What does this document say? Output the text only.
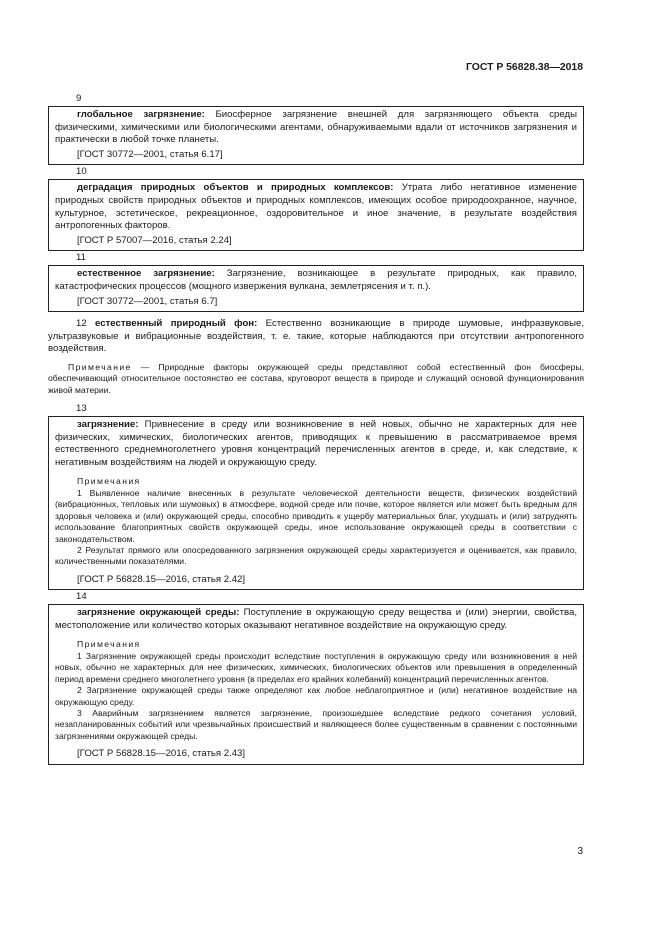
ГОСТ Р 56828.38—2018
9

глобальное загрязнение: Биосферное загрязнение внешней для загрязняющего объекта среды физическими, химическими или биологическими агентами, обнаруживаемыми вдали от источников загрязнения и практически в любой точке планеты.

[ГОСТ 30772—2001, статья 6.17]

10

деградация природных объектов и природных комплексов: Утрата либо негативное изменение природных свойств природных объектов и природных комплексов, имеющих особое природоохранное, научное, культурное, эстетическое, рекреационное, оздоровительное и иное значение, в результате воздействия антропогенных факторов.

[ГОСТ Р 57007—2016, статья 2.24]

11

естественное загрязнение: Загрязнение, возникающее в результате природных, как правило, катастрофических процессов (мощного извержения вулкана, землетрясения и т. п.).

[ГОСТ 30772—2001, статья 6.7]

12 естественный природный фон: Естественно возникающие в природе шумовые, инфразвуковые, ультразвуковые и вибрационные воздействия, т. е. такие, которые наблюдаются при отсутствии антропогенного воздействия.

Примечание — Природные факторы окружающей среды представляют собой естественный фон биосферы, обеспечивающий относительное постоянство ее состава, круговорот веществ в природе и служащий основой функционирования живой материи.

13

загрязнение: Привнесение в среду или возникновение в ней новых, обычно не характерных для нее физических, химических, биологических агентов, приводящих к превышению в рассматриваемое время естественного среднемноголетнего уровня концентраций перечисленных агентов в среде, и, как следствие, к негативным воздействиям на людей и окружающую среду.

Примечания

1 Выявленное наличие внесенных в результате человеческой деятельности веществ, физических воздействий (вибрационных, тепловых или шумовых) в атмосфере, водной среде или почве, которое является или может быть вредным для здоровья человека и (или) окружающей среды, способно приводить к ущербу материальных благ, ухудшать и (или) затруднять использование благоприятных свойств окружающей среды, иное использование окружающей среды в соответствии с законодательством.

2 Результат прямого или опосредованного загрязнения окружающей среды характеризуется и оценивается, как правило, количественными показателями.

[ГОСТ Р 56828.15—2016, статья 2.42]

14

загрязнение окружающей среды: Поступление в окружающую среду вещества и (или) энергии, свойства, местоположение или количество которых оказывают негативное воздействие на окружающую среду.

Примечания

1 Загрязнение окружающей среды происходит вследствие поступления в окружающую среду или возникновения в ней новых, обычно не характерных для нее физических, химических, биологических объектов или превышения в определенный период времени среднего многолетнего уровня (в пределах его крайних колебаний) концентраций перечисленных агентов.

2 Загрязнение окружающей среды также определяют как любое неблагоприятное и (или) негативное воздействие на окружающую среду.

3 Аварийным загрязнением является загрязнение, произошедшее вследствие редкого сочетания условий, незапланированных событий или чрезвычайных происшествий и являющееся более существенным в сравнении с постоянными загрязнениями окружающей среды.

[ГОСТ Р 56828.15—2016, статья 2.43]

3
